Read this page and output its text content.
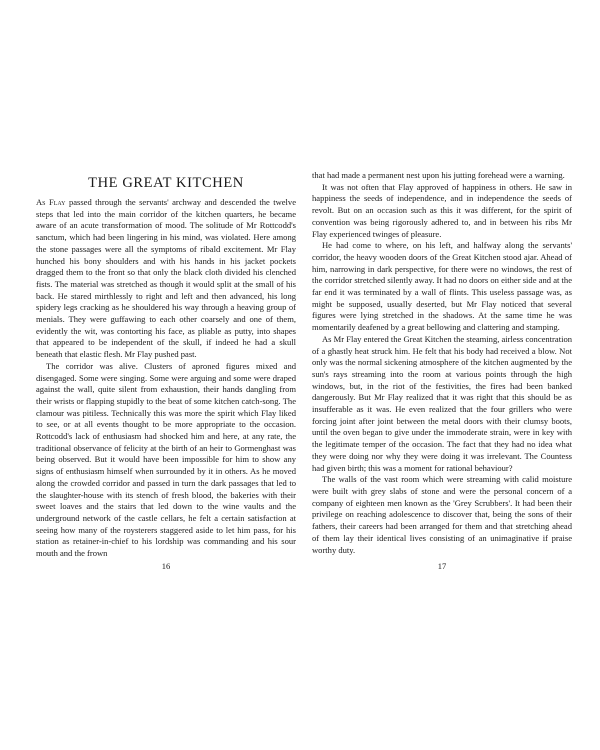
THE GREAT KITCHEN

As Flay passed through the servants' archway and descended the twelve steps that led into the main corridor of the kitchen quarters, he became aware of an acute transformation of mood. The solitude of Mr Rottcodd's sanctum, which had been lingering in his mind, was violated. Here among the stone passages were all the symptoms of ribald excitement. Mr Flay hunched his bony shoulders and with his hands in his jacket pockets dragged them to the front so that only the black cloth divided his clenched fists. The material was stretched as though it would split at the small of his back. He stared mirthlessly to right and left and then advanced, his long spidery legs cracking as he shouldered his way through a heaving group of menials. They were guffawing to each other coarsely and one of them, evidently the wit, was contorting his face, as pliable as putty, into shapes that appeared to be independent of the skull, if indeed he had a skull beneath that elastic flesh. Mr Flay pushed past.

The corridor was alive. Clusters of aproned figures mixed and disengaged. Some were singing. Some were arguing and some were draped against the wall, quite silent from exhaustion, their hands dangling from their wrists or flapping stupidly to the beat of some kitchen catch-song. The clamour was pitiless. Technically this was more the spirit which Flay liked to see, or at all events thought to be more appropriate to the occasion. Rottcodd's lack of enthusiasm had shocked him and here, at any rate, the traditional observance of felicity at the birth of an heir to Gormenghast was being observed. But it would have been impossible for him to show any signs of enthusiasm himself when surrounded by it in others. As he moved along the crowded corridor and passed in turn the dark passages that led to the slaughter-house with its stench of fresh blood, the bakeries with their sweet loaves and the stairs that led down to the wine vaults and the underground network of the castle cellars, he felt a certain satisfaction at seeing how many of the roysterers staggered aside to let him pass, for his station as retainer-in-chief to his lordship was commanding and his sour mouth and the frown

16

that had made a permanent nest upon his jutting forehead were a warning.

It was not often that Flay approved of happiness in others. He saw in happiness the seeds of independence, and in independence the seeds of revolt. But on an occasion such as this it was different, for the spirit of convention was being rigorously adhered to, and in between his ribs Mr Flay experienced twinges of pleasure.

He had come to where, on his left, and halfway along the servants' corridor, the heavy wooden doors of the Great Kitchen stood ajar. Ahead of him, narrowing in dark perspective, for there were no windows, the rest of the corridor stretched silently away. It had no doors on either side and at the far end it was terminated by a wall of flints. This useless passage was, as might be supposed, usually deserted, but Mr Flay noticed that several figures were lying stretched in the shadows. At the same time he was momentarily deafened by a great bellowing and clattering and stamping.

As Mr Flay entered the Great Kitchen the steaming, airless concentration of a ghastly heat struck him. He felt that his body had received a blow. Not only was the normal sickening atmosphere of the kitchen augmented by the sun's rays streaming into the room at various points through the high windows, but, in the riot of the festivities, the fires had been banked dangerously. But Mr Flay realized that it was right that this should be as insufferable as it was. He even realized that the four grillers who were forcing joint after joint between the metal doors with their clumsy boots, until the oven began to give under the immoderate strain, were in key with the legitimate temper of the occasion. The fact that they had no idea what they were doing nor why they were doing it was irrelevant. The Countess had given birth; this was a moment for rational behaviour?

The walls of the vast room which were streaming with calid moisture were built with grey slabs of stone and were the personal concern of a company of eighteen men known as the 'Grey Scrubbers'. It had been their privilege on reaching adolescence to discover that, being the sons of their fathers, their careers had been arranged for them and that stretching ahead of them lay their identical lives consisting of an unimaginative if praise worthy duty.

17
